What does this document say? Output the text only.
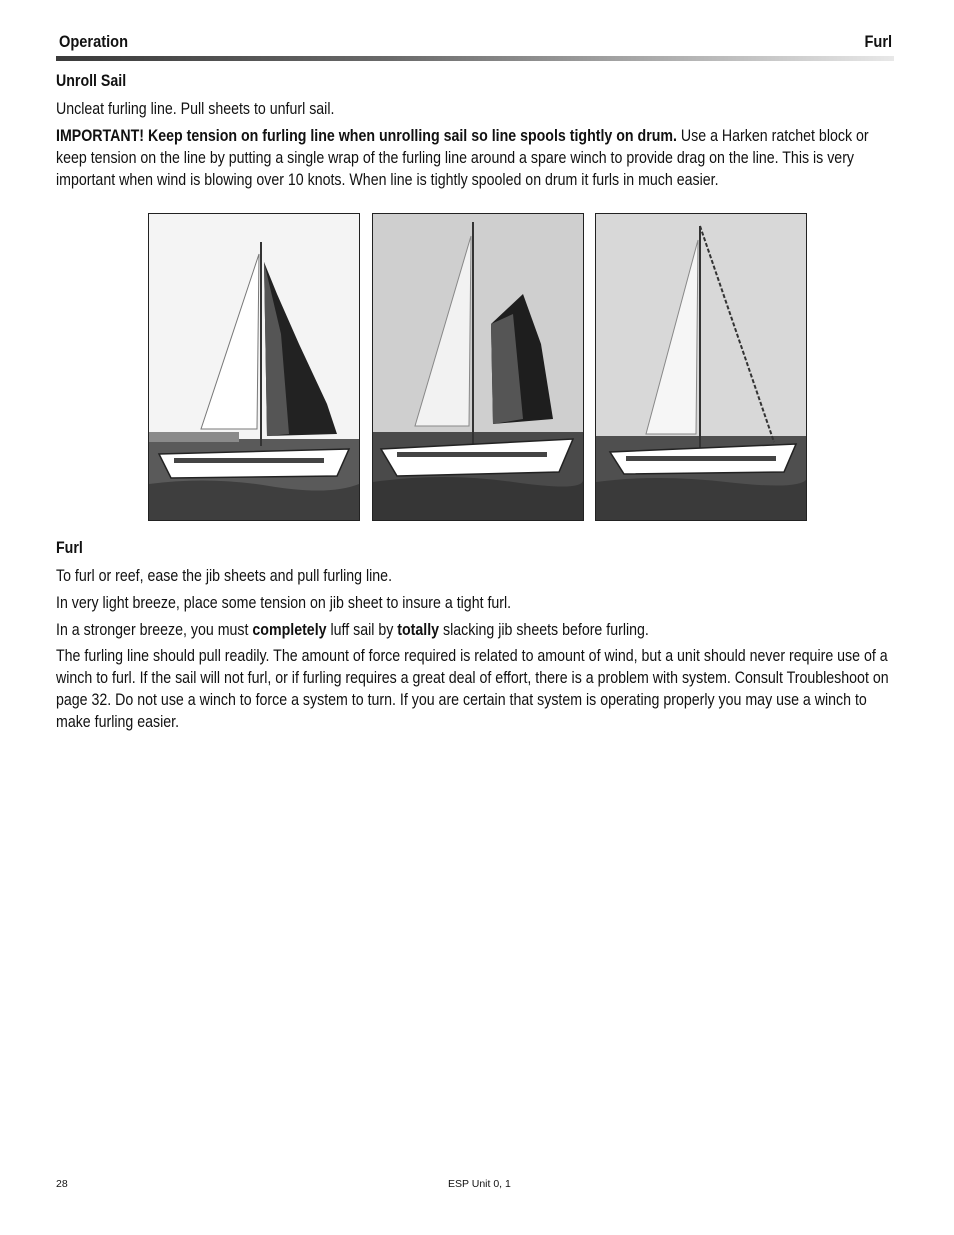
Operation	Furl
Unroll Sail

Uncleat furling line. Pull sheets to unfurl sail.

IMPORTANT! Keep tension on furling line when unrolling sail so line spools tightly on drum. Use a Harken ratchet block or keep tension on the line by putting a single wrap of the furling line around a spare winch to provide drag on the line. This is very important when wind is blowing over 10 knots. When line is tightly spooled on drum it furls in much easier.

Furl

To furl or reef, ease the jib sheets and pull furling line.

In very light breeze, place some tension on jib sheet to insure a tight furl.

In a stronger breeze, you must completely luff sail by totally slacking jib sheets before furling.

The furling line should pull readily. The amount of force required is related to amount of wind, but a unit should never require use of a winch to furl. If the sail will not furl, or if furling requires a great deal of effort, there is a problem with system. Consult Troubleshoot on page 32. Do not use a winch to force a system to turn. If you are certain that system is operating properly you may use a winch to make furling easier.

28	ESP Unit 0, 1
